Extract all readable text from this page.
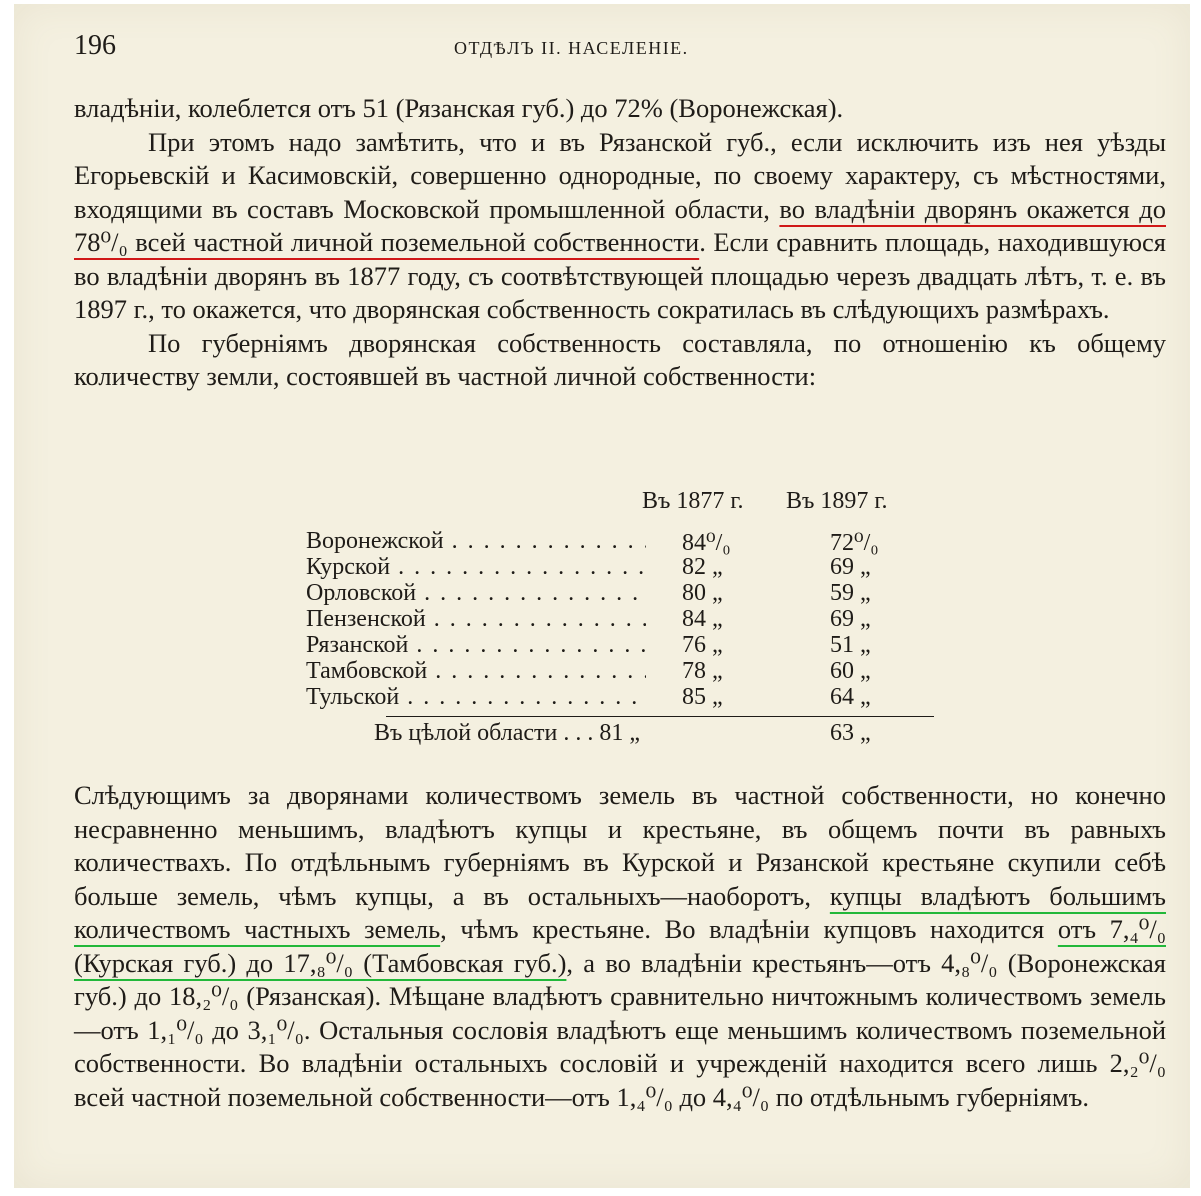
196	ОТДѢЛЪ II. НАСЕЛЕНІЕ.
владѣніи, колеблется отъ 51 (Рязанская губ.) до 72% (Воронежская).
При этомъ надо замѣтить, что и въ Рязанской губ., если исключить изъ нея уѣзды Егорьевскій и Касимовскій, совершенно однородные, по своему характеру, съ мѣстностями, входящими въ составъ Московской промышленной области, во владѣніи дворянъ окажется до 78⁰/₀ всей частной личной поземельной собственности. Если сравнить площадь, находившуюся во владѣніи дворянъ въ 1877 году, съ соотвѣтствующей площадью черезъ двадцать лѣтъ, т. е. въ 1897 г., то окажется, что дворянская собственность сократилась въ слѣдующихъ размѣрахъ.
По губерніямъ дворянская собственность составляла, по отношенію къ общему количеству земли, состоявшей въ частной личной собственности:
Въ 1877 г. Въ 1897 г.
Воронежской . . .	84⁰/₀	72⁰/₀
Курской . . .	82 „	69 „
Орловской . . .	80 „	59 „
Пензенской . . .	84 „	69 „
Рязанской . . .	76 „	51 „
Тамбовской . . .	78 „	60 „
Тульской . . .	85 „	64 „
Въ цѣлой области . . . 81 „	63 „
Слѣдующимъ за дворянами количествомъ земель въ частной собственности, но конечно несравненно меньшимъ, владѣютъ купцы и крестьяне, въ общемъ почти въ равныхъ количествахъ. По отдѣльнымъ губерніямъ въ Курской и Рязанской крестьяне скупили себѣ больше земель, чѣмъ купцы, а въ остальныхъ—наоборотъ, купцы владѣютъ большимъ количествомъ частныхъ земель, чѣмъ крестьяне. Во владѣніи купцовъ находится отъ 7,₄⁰/₀ (Курская губ.) до 17,₈⁰/₀ (Тамбовская губ.), а во владѣніи крестьянъ—отъ 4,₈⁰/₀ (Воронежская губ.) до 18,₂⁰/₀ (Рязанская). Мѣщане владѣютъ сравнительно ничтожнымъ количествомъ земель—отъ 1,₁⁰/₀ до 3,₁⁰/₀. Остальныя сословія владѣютъ еще меньшимъ количествомъ поземельной собственности. Во владѣніи остальныхъ сословій и учрежденій находится всего лишь 2,₂⁰/₀ всей частной поземельной собственности—отъ 1,₄⁰/₀ до 4,₄⁰/₀ по отдѣльнымъ губерніямъ.
